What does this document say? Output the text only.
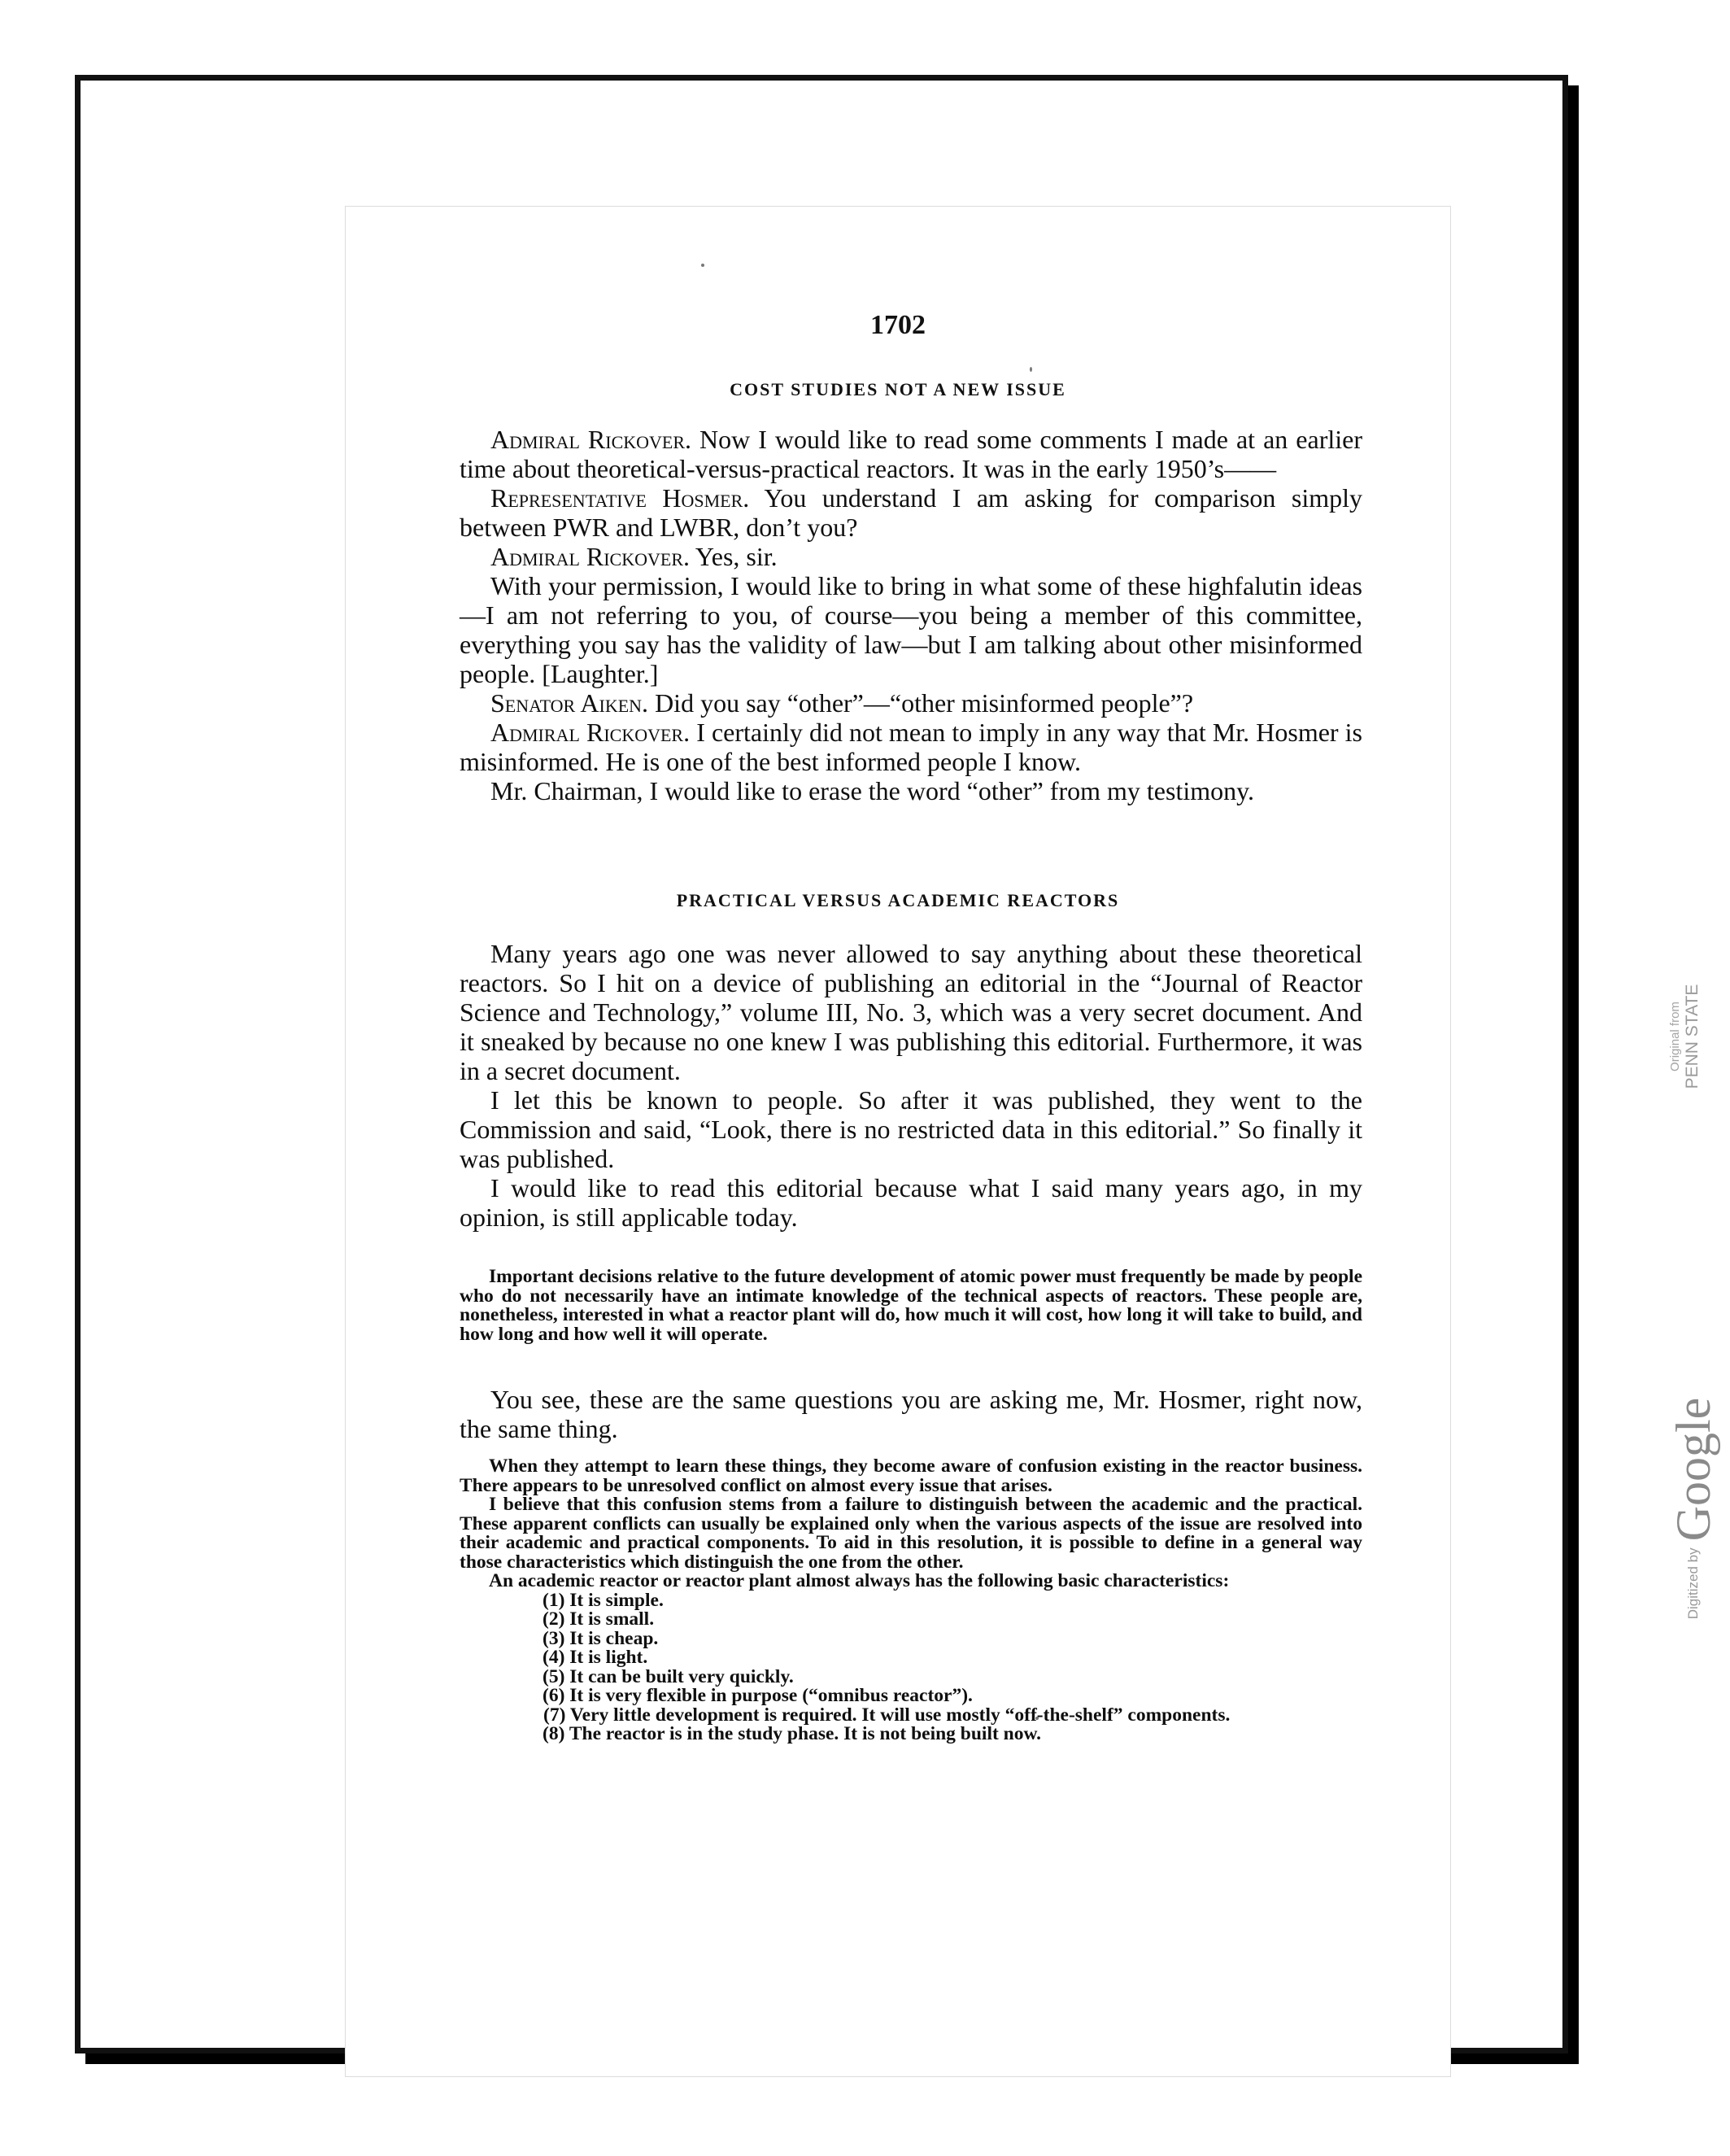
1702
COST STUDIES NOT A NEW ISSUE

Admiral Rickover. Now I would like to read some comments I made at an earlier time about theoretical-versus-practical reactors. It was in the early 1950’s——

Representative Hosmer. You understand I am asking for comparison simply between PWR and LWBR, don’t you?

Admiral Rickover. Yes, sir.

With your permission, I would like to bring in what some of these highfalutin ideas—I am not referring to you, of course—you being a member of this committee, everything you say has the validity of law—but I am talking about other misinformed people. [Laughter.]

Senator Aiken. Did you say “other”—“other misinformed people”?

Admiral Rickover. I certainly did not mean to imply in any way that Mr. Hosmer is misinformed. He is one of the best informed people I know.

Mr. Chairman, I would like to erase the word “other” from my testimony.

PRACTICAL VERSUS ACADEMIC REACTORS

Many years ago one was never allowed to say anything about these theoretical reactors. So I hit on a device of publishing an editorial in the “Journal of Reactor Science and Technology,” volume III, No. 3, which was a very secret document. And it sneaked by because no one knew I was publishing this editorial. Furthermore, it was in a secret document.

I let this be known to people. So after it was published, they went to the Commission and said, “Look, there is no restricted data in this editorial.” So finally it was published.

I would like to read this editorial because what I said many years ago, in my opinion, is still applicable today.

Important decisions relative to the future development of atomic power must frequently be made by people who do not necessarily have an intimate knowledge of the technical aspects of reactors. These people are, nonetheless, interested in what a reactor plant will do, how much it will cost, how long it will take to build, and how long and how well it will operate.

You see, these are the same questions you are asking me, Mr. Hosmer, right now, the same thing.

When they attempt to learn these things, they become aware of confusion existing in the reactor business. There appears to be unresolved conflict on almost every issue that arises.

I believe that this confusion stems from a failure to distinguish between the academic and the practical. These apparent conflicts can usually be explained only when the various aspects of the issue are resolved into their academic and practical components. To aid in this resolution, it is possible to define in a general way those characteristics which distinguish the one from the other.

An academic reactor or reactor plant almost always has the following basic characteristics:

(1) It is simple.
(2) It is small.
(3) It is cheap.
(4) It is light.
(5) It can be built very quickly.
(6) It is very flexible in purpose (“omnibus reactor”).
(7) Very little development is required. It will use mostly “off-the-shelf” components.
(8) The reactor is in the study phase. It is not being built now.
Original from PENN STATE
Digitized by
Google
